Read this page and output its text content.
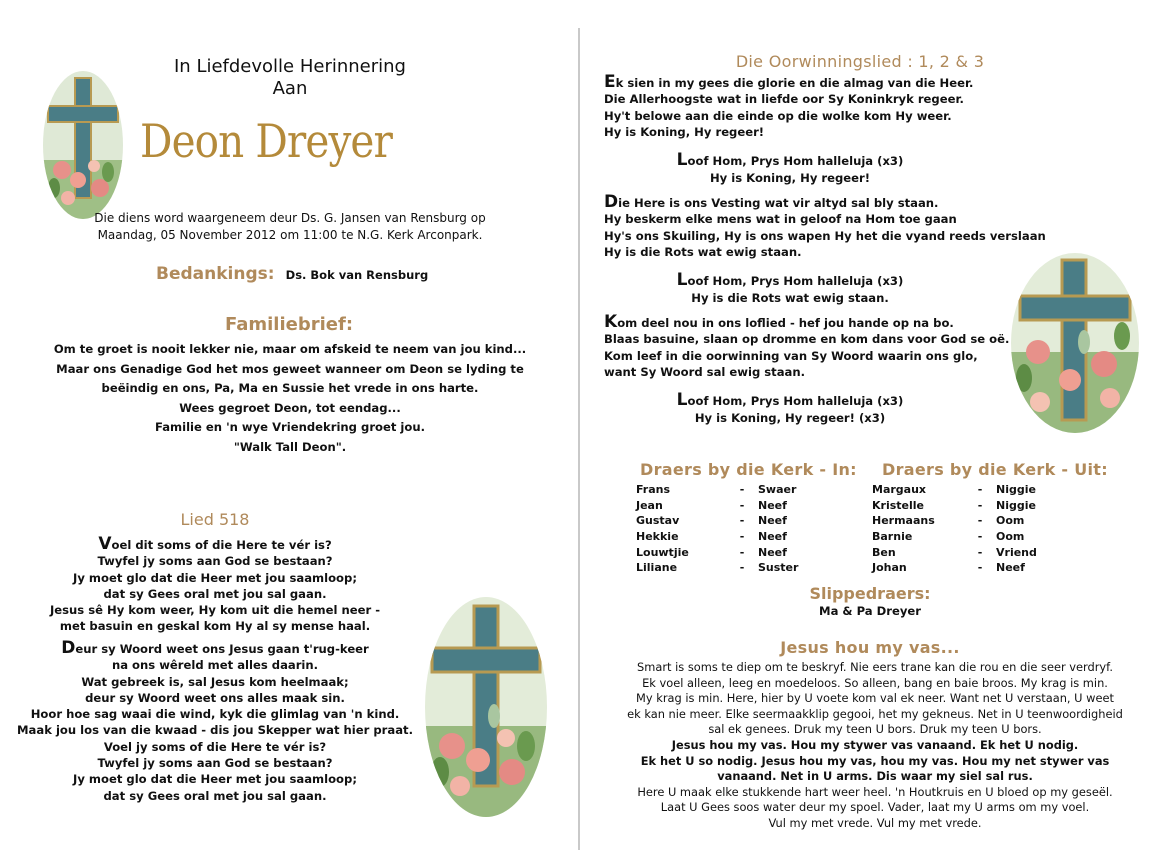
In Liefdevolle Herinnering
Aan
Deon Dreyer
Die diens word waargeneem deur Ds. G. Jansen van Rensburg op
Maandag, 05 November 2012 om 11:00 te N.G. Kerk Arconpark.
Bedankings: Ds. Bok van Rensburg
Familiebrief:
Om te groet is nooit lekker nie, maar om afskeid te neem van jou kind...
Maar ons Genadige God het mos geweet wanneer om Deon se lyding te
beëindig en ons, Pa, Ma en Sussie het vrede in ons harte.
Wees gegroet Deon, tot eendag...
Familie en 'n wye Vriendekring groet jou.
"Walk Tall Deon".
Lied 518
Voel dit soms of die Here te vér is?
Twyfel jy soms aan God se bestaan?
Jy moet glo dat die Heer met jou saamloop;
dat sy Gees oral met jou sal gaan.
Jesus sê Hy kom weer, Hy kom uit die hemel neer -
met basuin en geskal kom Hy al sy mense haal.
Deur sy Woord weet ons Jesus gaan t'rug-keer
na ons wêreld met alles daarin.
Wat gebreek is, sal Jesus kom heelmaak;
deur sy Woord weet ons alles maak sin.
Hoor hoe sag waai die wind, kyk die glimlag van 'n kind.
Maak jou los van die kwaad - dis jou Skepper wat hier praat.
Voel jy soms of die Here te vér is?
Twyfel jy soms aan God se bestaan?
Jy moet glo dat die Heer met jou saamloop;
dat sy Gees oral met jou sal gaan.
Die Oorwinningslied : 1, 2 & 3
Ek sien in my gees die glorie en die almag van die Heer.
Die Allerhoogste wat in liefde oor Sy Koninkryk regeer.
Hy't belowe aan die einde op die wolke kom Hy weer.
Hy is Koning, Hy regeer!
Loof Hom, Prys Hom halleluja (x3)
Hy is Koning, Hy regeer!
Die Here is ons Vesting wat vir altyd sal bly staan.
Hy beskerm elke mens wat in geloof na Hom toe gaan
Hy's ons Skuiling, Hy is ons wapen Hy het die vyand reeds verslaan
Hy is die Rots wat ewig staan.
Loof Hom, Prys Hom halleluja (x3)
Hy is die Rots wat ewig staan.
Kom deel nou in ons loflied - hef jou hande op na bo.
Blaas basuine, slaan op dromme en kom dans voor God se oë.
Kom leef in die oorwinning van Sy Woord waarin ons glo,
want Sy Woord sal ewig staan.
Loof Hom, Prys Hom halleluja (x3)
Hy is Koning, Hy regeer! (x3)
Draers by die Kerk - In: Draers by die Kerk - Uit:
Frans	-	Swaer
Jean	-	Neef
Gustav	-	Neef
Hekkie	-	Neef
Louwtjie	-	Neef
Liliane	-	Suster
Margaux	-	Niggie
Kristelle	-	Niggie
Hermaans	-	Oom
Barnie	-	Oom
Ben	-	Vriend
Johan	-	Neef
Slippedraers:
Ma & Pa Dreyer
Jesus hou my vas...
Smart is soms te diep om te beskryf. Nie eers trane kan die rou en die seer verdryf.
Ek voel alleen, leeg en moedeloos. So alleen, bang en baie broos. My krag is min.
My krag is min. Here, hier by U voete kom val ek neer. Want net U verstaan, U weet
ek kan nie meer. Elke seermaakklip gegooi, het my gekneus. Net in U teenwoordigheid
sal ek genees. Druk my teen U bors. Druk my teen U bors.
Jesus hou my vas. Hou my stywer vas vanaand. Ek het U nodig.
Ek het U so nodig. Jesus hou my vas, hou my vas. Hou my net stywer vas
vanaand. Net in U arms. Dis waar my siel sal rus.
Here U maak elke stukkende hart weer heel. 'n Houtkruis en U bloed op my geseël.
Laat U Gees soos water deur my spoel. Vader, laat my U arms om my voel.
Vul my met vrede. Vul my met vrede.
